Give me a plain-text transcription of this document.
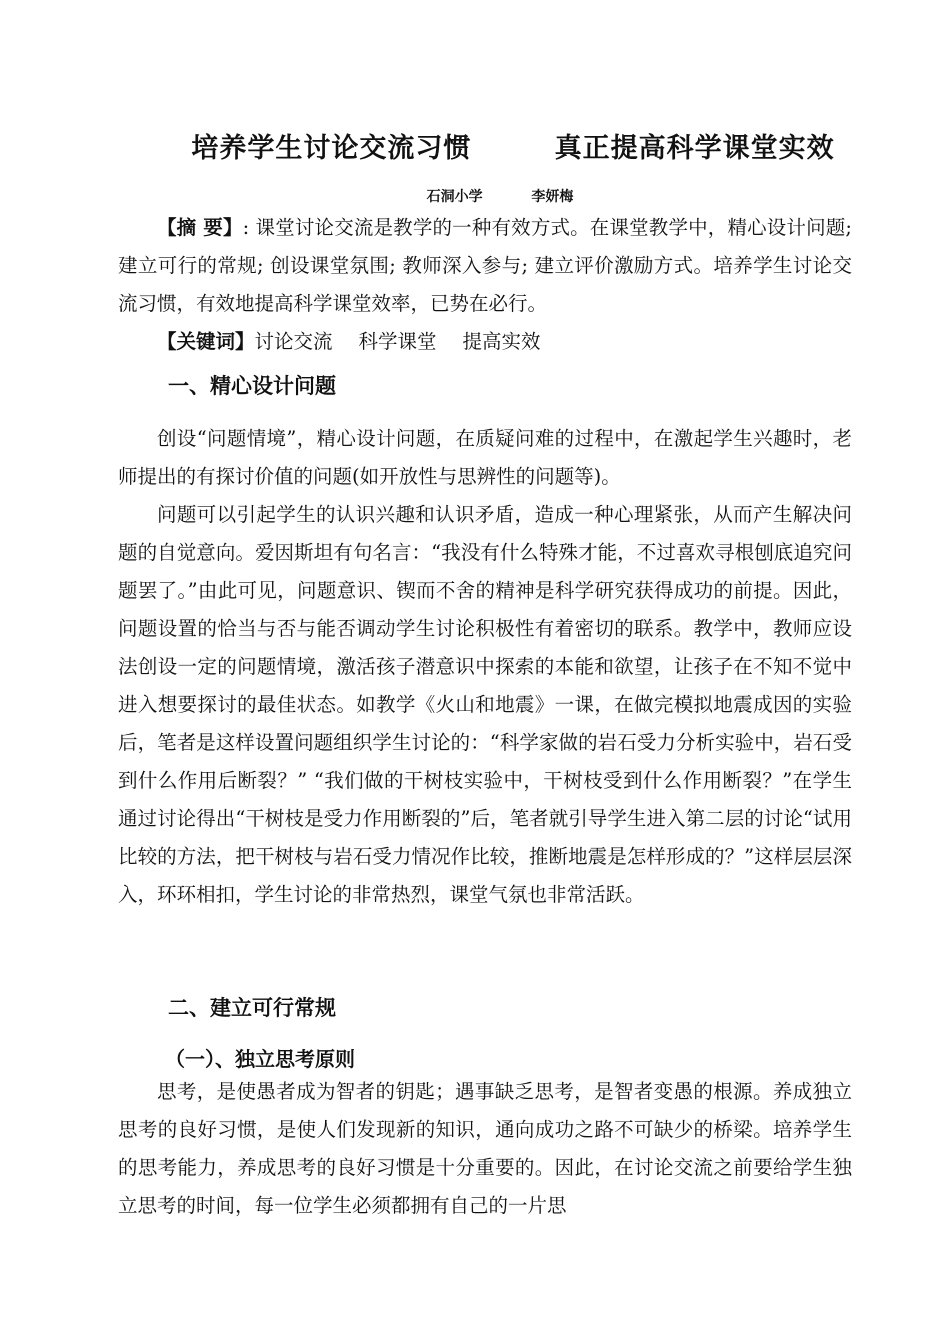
培养学生讨论交流习惯        真正提高科学课堂实效
石洞小学          李妍梅

【摘 要】: 课堂讨论交流是教学的一种有效方式。在课堂教学中，精心设计问题; 建立可行的常规; 创设课堂氛围; 教师深入参与; 建立评价激励方式。培养学生讨论交流习惯，有效地提高科学课堂效率，已势在必行。

【关键词】讨论交流 科学课堂 提高实效

一、精心设计问题

创设“问题情境”，精心设计问题，在质疑问难的过程中，在激起学生兴趣时，老师提出的有探讨价值的问题(如开放性与思辨性的问题等)。

问题可以引起学生的认识兴趣和认识矛盾，造成一种心理紧张，从而产生解决问题的自觉意向。爱因斯坦有句名言：“我没有什么特殊才能，不过喜欢寻根刨底追究问题罢了。”由此可见，问题意识、锲而不舍的精神是科学研究获得成功的前提。因此，问题设置的恰当与否与能否调动学生讨论积极性有着密切的联系。教学中，教师应设法创设一定的问题情境，激活孩子潜意识中探索的本能和欲望，让孩子在不知不觉中进入想要探讨的最佳状态。如教学《火山和地震》一课，在做完模拟地震成因的实验后，笔者是这样设置问题组织学生讨论的：“科学家做的岩石受力分析实验中，岩石受到什么作用后断裂？” “我们做的干树枝实验中，干树枝受到什么作用断裂？”在学生通过讨论得出“干树枝是受力作用断裂的”后，笔者就引导学生进入第二层的讨论“试用比较的方法，把干树枝与岩石受力情况作比较，推断地震是怎样形成的？”这样层层深入，环环相扣，学生讨论的非常热烈，课堂气氛也非常活跃。

二、建立可行常规
（一）、独立思考原则

思考，是使愚者成为智者的钥匙；遇事缺乏思考，是智者变愚的根源。养成独立思考的良好习惯，是使人们发现新的知识，通向成功之路不可缺少的桥梁。培养学生的思考能力，养成思考的良好习惯是十分重要的。因此，在讨论交流之前要给学生独立思考的时间，每一位学生必须都拥有自己的一片思
